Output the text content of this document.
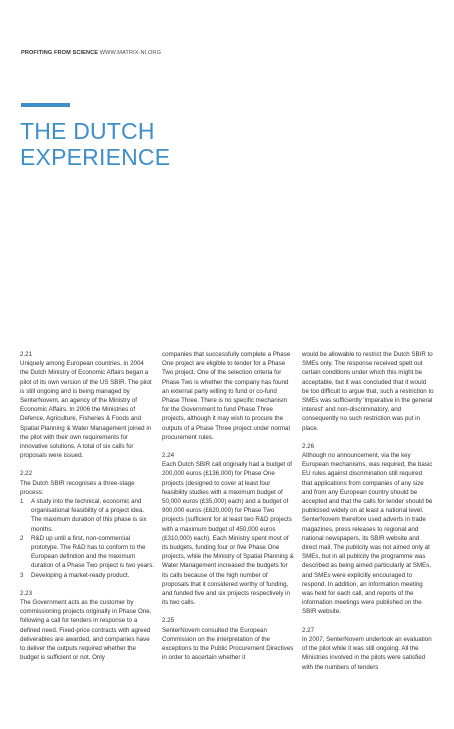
PROFITING FROM SCIENCE WWW.MATRIX-NI.ORG
THE DUTCH
EXPERIENCE

2.21

Uniquely among European countries, in 2004 the Dutch Ministry of Economic Affairs began a pilot of its own version of the US SBIR. The pilot is still ongoing and is being managed by SenterNovem, an agency of the Ministry of Economic Affairs. In 2006 the Ministries of Defence, Agriculture, Fisheries & Foods and Spatial Planning & Water Management joined in the pilot with their own requirements for innovative solutions. A total of six calls for proposals were issued.

2.22

The Dutch SBIR recognises a three-stage process:

1	A study into the technical, economic and organisational feasibility of a project idea. The maximum duration of this phase is six months.
2	R&D up until a first, non-commercial prototype. The R&D has to conform to the European definition and the maximum duration of a Phase Two project is two years.
3	Developing a market-ready product.

2.23

The Government acts as the customer by commissioning projects originally in Phase One, following a call for tenders in response to a defined need. Fixed-price contracts with agreed deliverables are awarded, and companies have to deliver the outputs required whether the budget is sufficient or not. Only

companies that successfully complete a Phase One project are eligible to tender for a Phase Two project. One of the selection criteria for Phase Two is whether the company has found an external party willing to fund or co-fund Phase Three. There is no specific mechanism for the Government to fund Phase Three projects, although it may wish to procure the outputs of a Phase Three project under normal procurement rules.

2.24

Each Dutch SBIR call originally had a budget of 200,000 euros (£136,000) for Phase One projects (designed to cover at least four feasibility studies with a maximum budget of 50,000 euros (£35,000) each) and a budget of 900,000 euros (£620,000) for Phase Two projects (sufficient for at least two R&D projects with a maximum budget of 450,000 euros (£310,000) each). Each Ministry spent most of its budgets, funding four or five Phase One projects, while the Ministry of Spatial Planning & Water Management increased the budgets for its calls because of the high number of proposals that it considered worthy of funding, and funded five and six projects respectively in its two calls.

2.25

SenterNovem consulted the European Commission on the interpretation of the exceptions to the Public Procurement Directives in order to ascertain whether it

would be allowable to restrict the Dutch SBIR to SMEs only. The response received spelt out certain conditions under which this might be acceptable, but it was concluded that it would be too difficult to argue that, such a restriction to SMEs was sufficiently 'imperative in the general interest' and non-discriminatory, and consequently no such restriction was put in place.

2.26

Although no announcement, via the key European mechanisms, was required, the basic EU rules against discrimination still required that applications from companies of any size and from any European country should be accepted and that the calls for tender should be publicised widely on at least a national level. SenterNovem therefore used adverts in trade magazines, press releases to regional and national newspapers, its SBIR website and direct mail. The publicity was not aimed only at SMEs, but in all publicity the programme was described as being aimed particularly at SMEs, and SMEs were explicitly encouraged to respond. In addition, an information meeting was held for each call, and reports of the information meetings were published on the SBIR website.

2.27

In 2007, SenterNovem undertook an evaluation of the pilot while it was still ongoing. All the Ministries involved in the pilots were satisfied with the numbers of tenders
